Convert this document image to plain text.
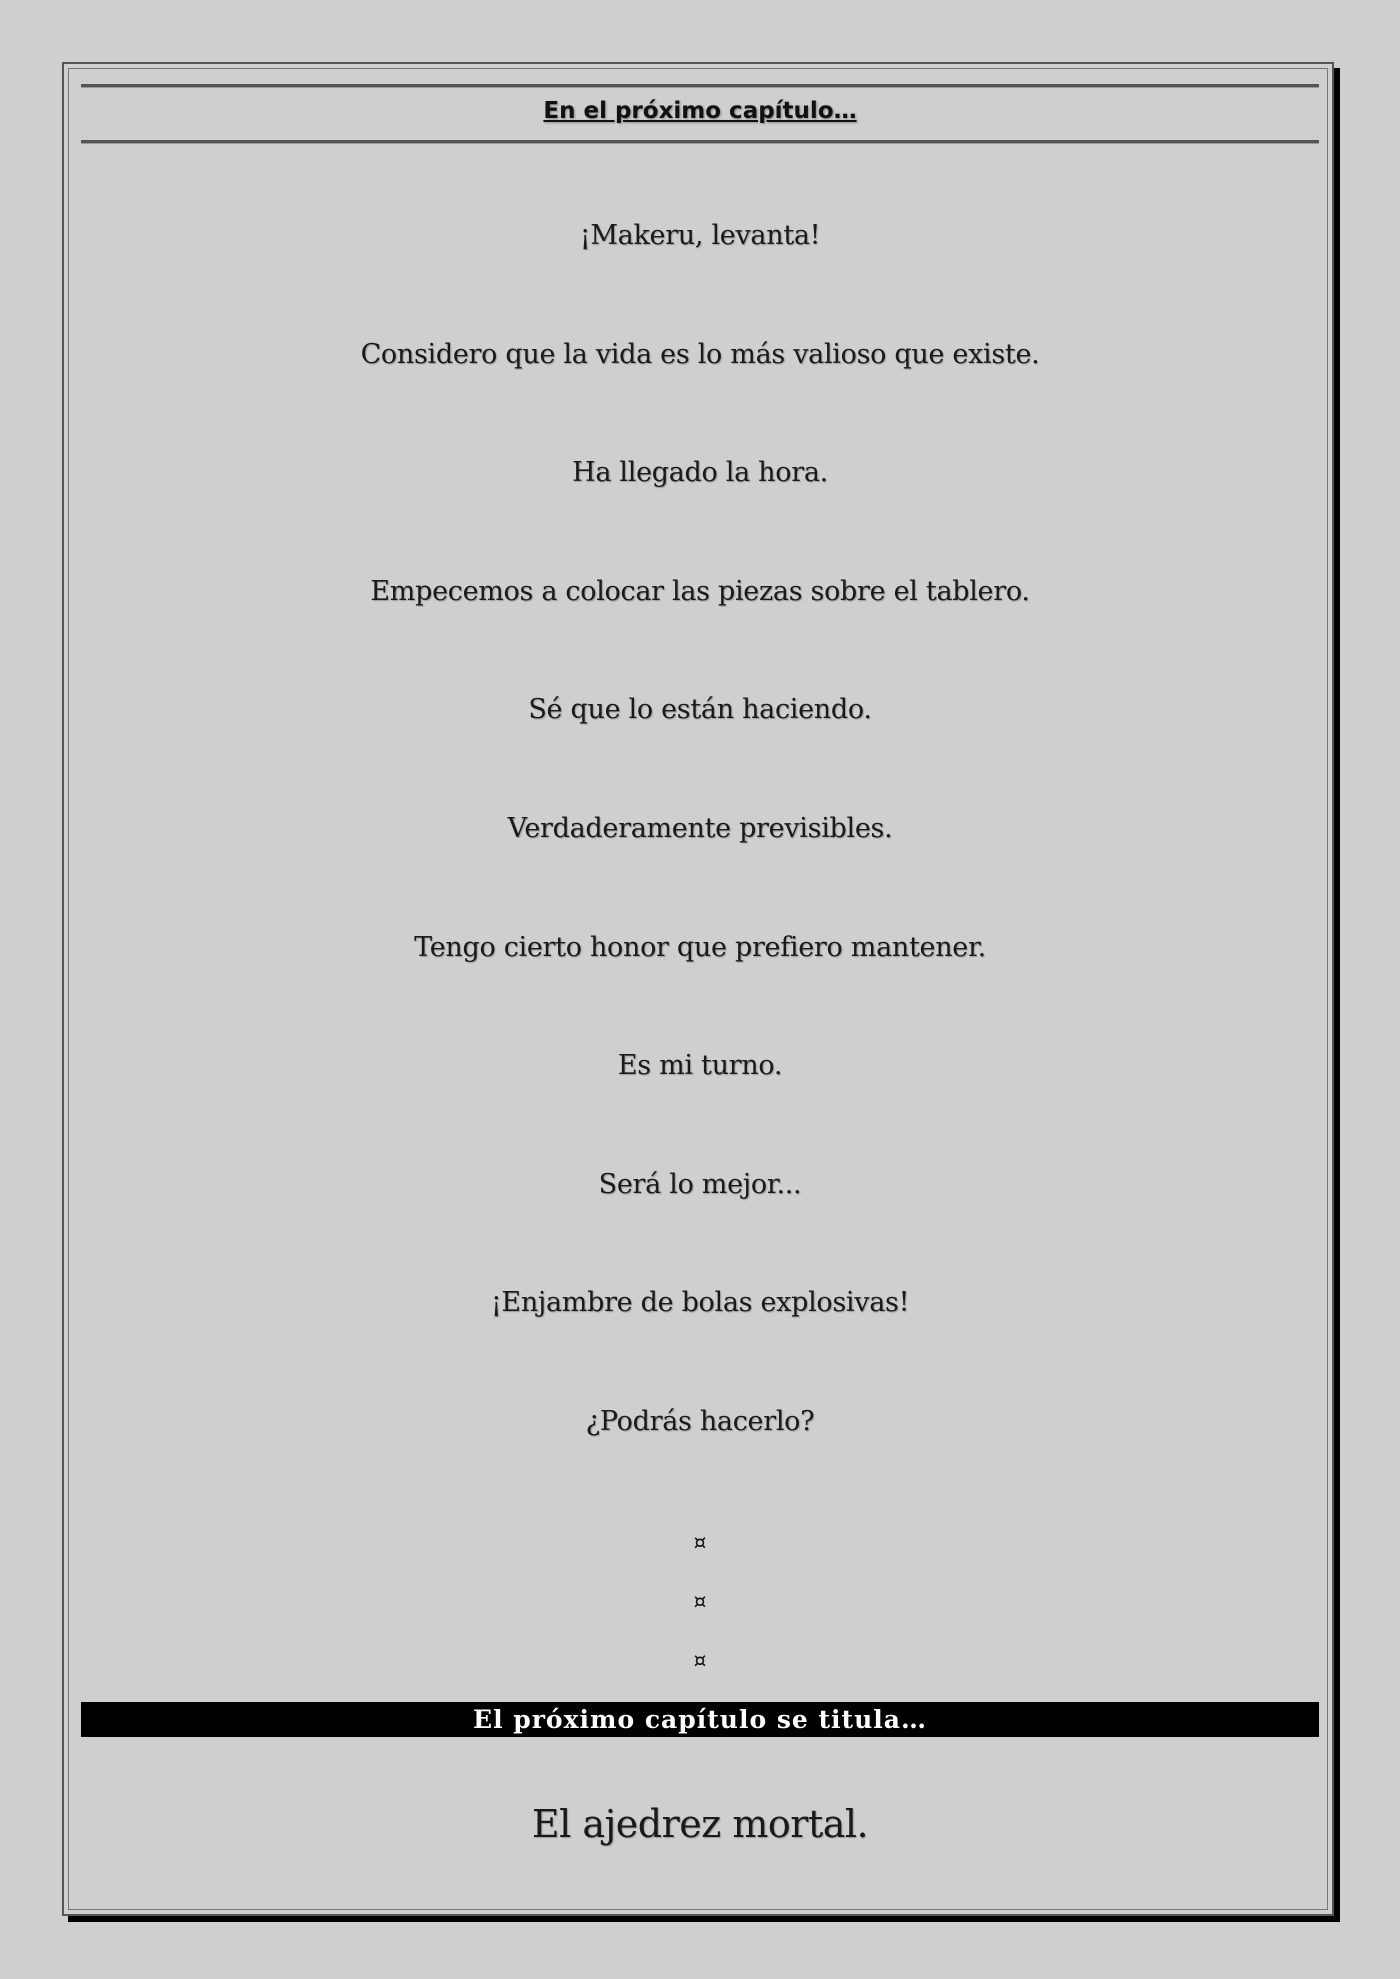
En el próximo capítulo…
¡Makeru, levanta!
Considero que la vida es lo más valioso que existe.
Ha llegado la hora.
Empecemos a colocar las piezas sobre el tablero.
Sé que lo están haciendo.
Verdaderamente previsibles.
Tengo cierto honor que prefiero mantener.
Es mi turno.
Será lo mejor...
¡Enjambre de bolas explosivas!
¿Podrás hacerlo?
¤
¤
¤
El próximo capítulo se titula…
El ajedrez mortal.
